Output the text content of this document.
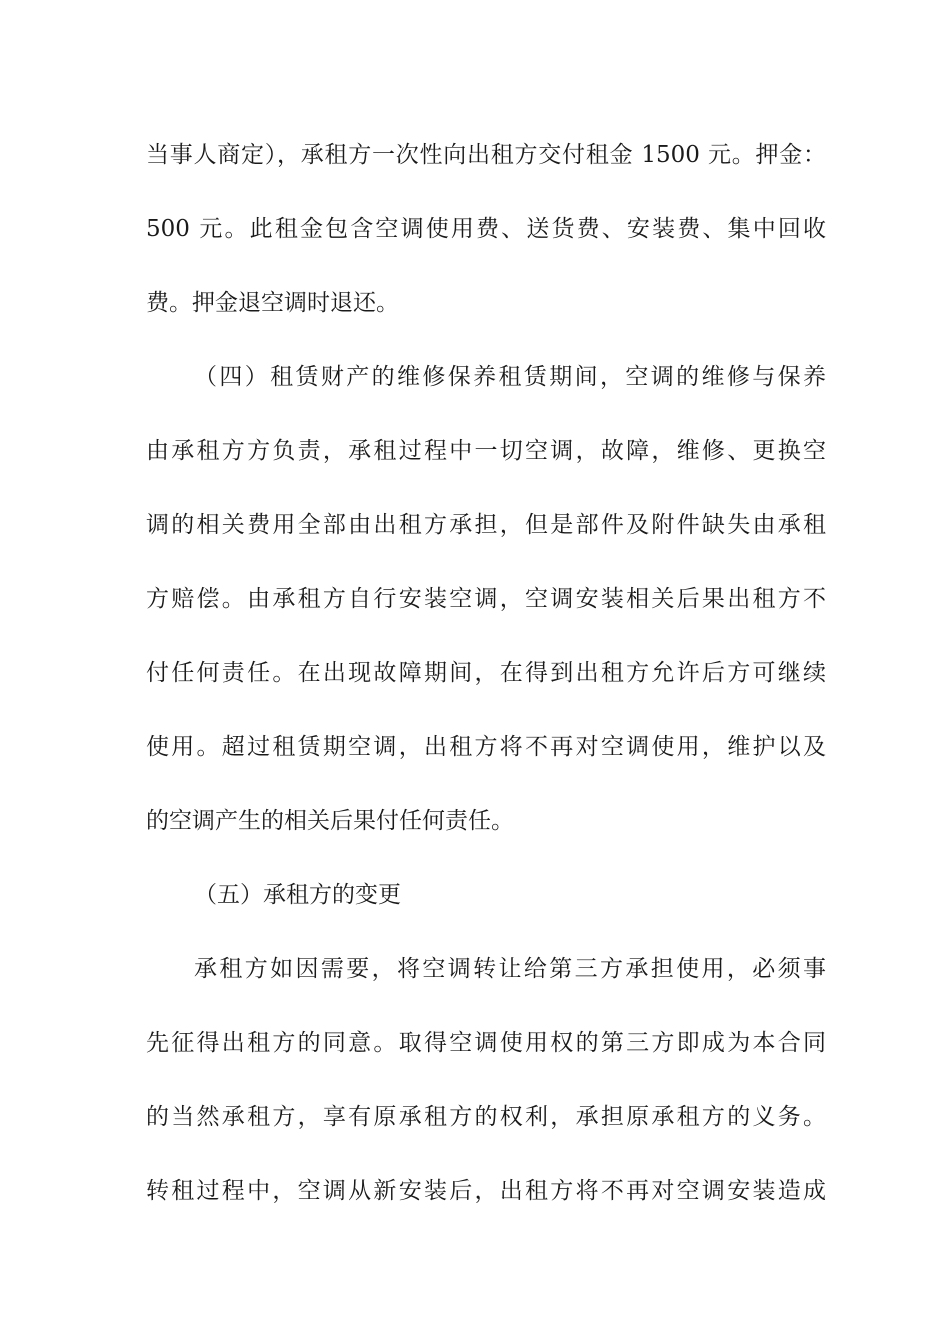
当事人商定），承租方一次性向出租方交付租金 1500 元。押金：
500 元。此租金包含空调使用费、送货费、安装费、集中回收
费。押金退空调时退还。
（四）租赁财产的维修保养租赁期间，空调的维修与保养
由承租方方负责，承租过程中一切空调，故障，维修、更换空
调的相关费用全部由出租方承担，但是部件及附件缺失由承租
方赔偿。由承租方自行安装空调，空调安装相关后果出租方不
付任何责任。在出现故障期间，在得到出租方允许后方可继续
使用。超过租赁期空调，出租方将不再对空调使用，维护以及
的空调产生的相关后果付任何责任。
（五）承租方的变更
承租方如因需要，将空调转让给第三方承担使用，必须事
先征得出租方的同意。取得空调使用权的第三方即成为本合同
的当然承租方，享有原承租方的权利，承担原承租方的义务。
转租过程中，空调从新安装后，出租方将不再对空调安装造成
